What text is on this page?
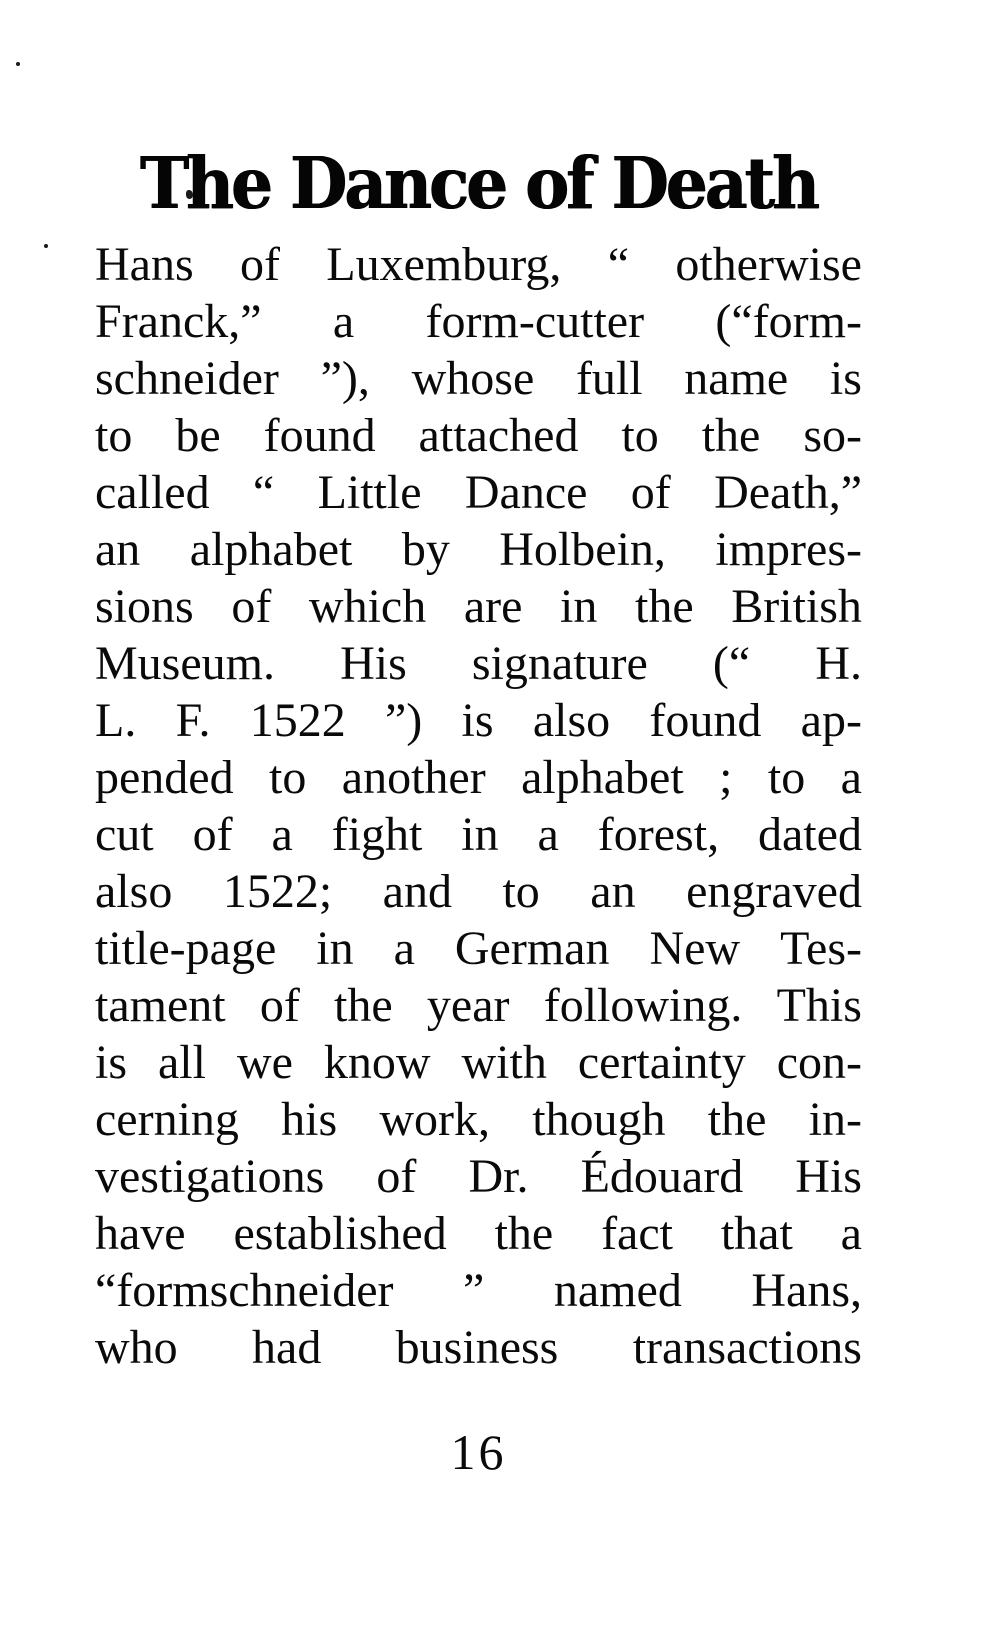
The Dance of Death
Hans of Luxemburg, “ otherwise
Franck,” a form-cutter (“form-
schneider ”), whose full name is
to be found attached to the so-
called “ Little Dance of Death,”
an alphabet by Holbein, impres-
sions of which are in the British
Museum. His signature (“ H.
L. F. 1522 ”) is also found ap-
pended to another alphabet ; to a
cut of a fight in a forest, dated
also 1522; and to an engraved
title-page in a German New Tes-
tament of the year following. This
is all we know with certainty con-
cerning his work, though the in-
vestigations of Dr. Édouard His
have established the fact that a
“formschneider ” named Hans,
who had business transactions
16
